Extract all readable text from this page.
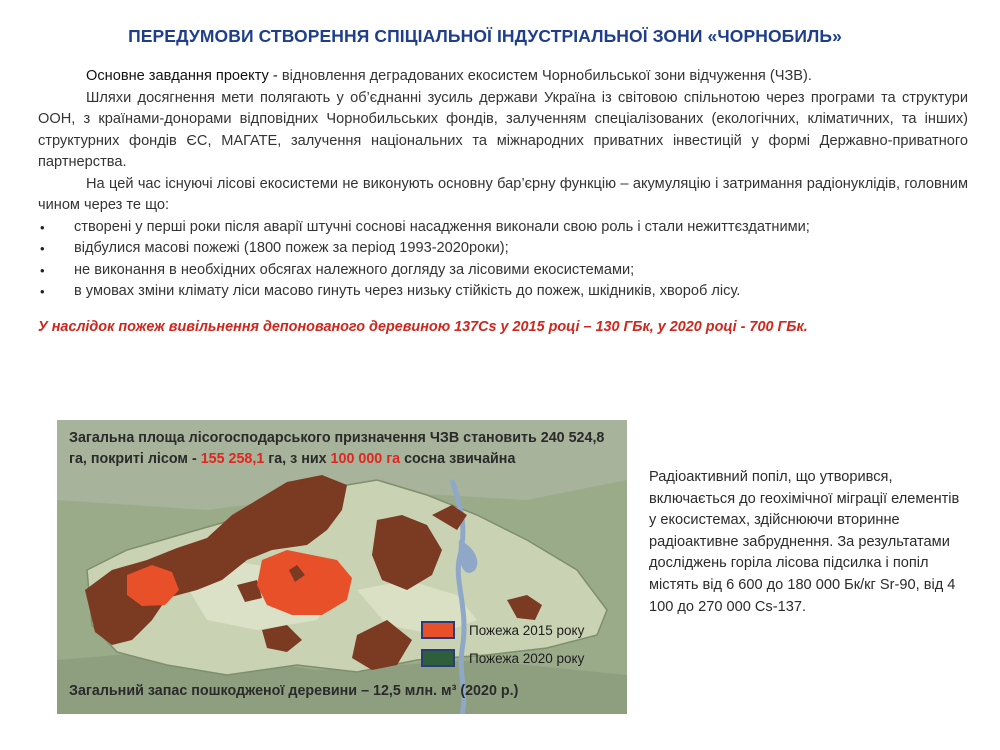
ПЕРЕДУМОВИ СТВОРЕННЯ СПІЦІАЛЬНОЇ ІНДУСТРІАЛЬНОЇ ЗОНИ «ЧОРНОБИЛЬ»

Основне завдання проекту - відновлення деградованих екосистем Чорнобильської зони відчуження (ЧЗВ).

Шляхи досягнення мети полягають у об’єднанні зусиль держави Україна із світовою спільнотою через програми та структури ООН, з країнами-донорами відповідних Чорнобильських фондів, залученням спеціалізованих (екологічних, кліматичних, та інших) структурних фондів ЄС, МАГАТЕ, залучення національних та міжнародних приватних інвестицій у формі Державно-приватного партнерства.

На цей час існуючі лісові екосистеми не виконують основну бар’єрну функцію – акумуляцію і затримання радіонуклідів, головним чином через те що:

• створені у перші роки після аварії штучні соснові насадження виконали свою роль і стали нежиттєздатними;
• відбулися масові пожежі (1800 пожеж за період 1993-2020роки);
• не виконання в необхідних обсягах належного догляду за лісовими екосистемами;
• в умовах зміни клімату ліси масово гинуть через низьку стійкість до пожеж, шкідників, хвороб лісу.

У наслідок пожеж вивільнення депонованого деревиною 137Cs у 2015 році – 130 ГБк, у 2020 році - 700 ГБк.

Загальна площа лісогосподарського призначення ЧЗВ становить 240 524,8 га, покриті лісом - 155 258,1 га, з них 100 000 га сосна звичайна
Пожежа 2015 року
Пожежа 2020 року
Загальний запас пошкодженої деревини – 12,5 млн. м³ (2020 р.)
Радіоактивний попіл, що утворився, включається до геохімічної міграції елементів у екосистемах, здійснюючи вторинне радіоактивне забруднення. За результатами досліджень горіла лісова підсилка і попіл містять від 6 600 до 180 000 Бк/кг Sr-90, від 4 100 до 270 000 Cs-137.
